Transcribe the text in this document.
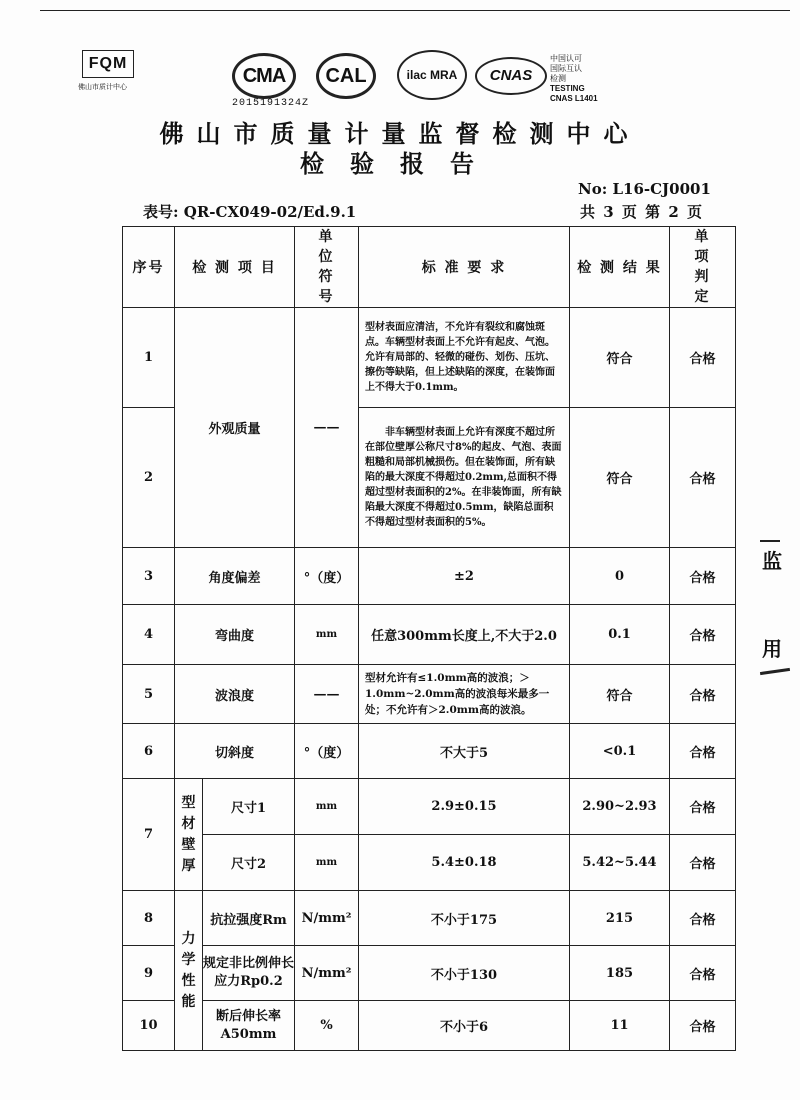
FQM
佛山市质计中心
CMA	CAL	ilac MRA	CNAS
中国认可
国际互认
检测
TESTING
CNAS L1401
2015191324Z
佛山市质量计量监督检测中心
检验报告
No: L16-CJ0001
表号: QR-CX049-02/Ed.9.1	共 3 页 第 2 页
序号	检 测 项 目		单位符号	标 准 要 求	检 测 结 果	单 项 判 定

1	外观质量		——	型材表面应清洁，不允许有裂纹和腐蚀斑点。车辆型材表面上不允许有起皮、气泡。允许有局部的、轻微的碰伤、划伤、压坑、擦伤等缺陷，但上述缺陷的深度，在装饰面上不得大于0.1mm。	符合	合格
2				非车辆型材表面上允许有深度不超过所在部位壁厚公称尺寸8%的起皮、气泡、表面粗糙和局部机械损伤。但在装饰面，所有缺陷的最大深度不得超过0.2mm,总面积不得超过型材表面积的2%。在非装饰面，所有缺陷最大深度不得超过0.5mm，缺陷总面积不得超过型材表面积的5%。	符合	合格
3	角度偏差		°（度）	±2	0	合格
4	弯曲度		mm	任意300mm长度上,不大于2.0	0.1	合格
5	波浪度		——	型材允许有≤1.0mm高的波浪；＞1.0mm~2.0mm高的波浪每米最多一处；不允许有＞2.0mm高的波浪。	符合	合格
6	切斜度		°（度）	不大于5	<0.1	合格
7	型材壁厚	尺寸1	mm	2.9±0.15	2.90~2.93	合格
		尺寸2	mm	5.4±0.18	5.42~5.44	合格
8	力学性能	抗拉强度Rm	N/mm²	不小于175	215	合格
9		规定非比例伸长应力Rp0.2	N/mm²	不小于130	185	合格
10		断后伸长率A50mm	%	不小于6	11	合格
监
用
